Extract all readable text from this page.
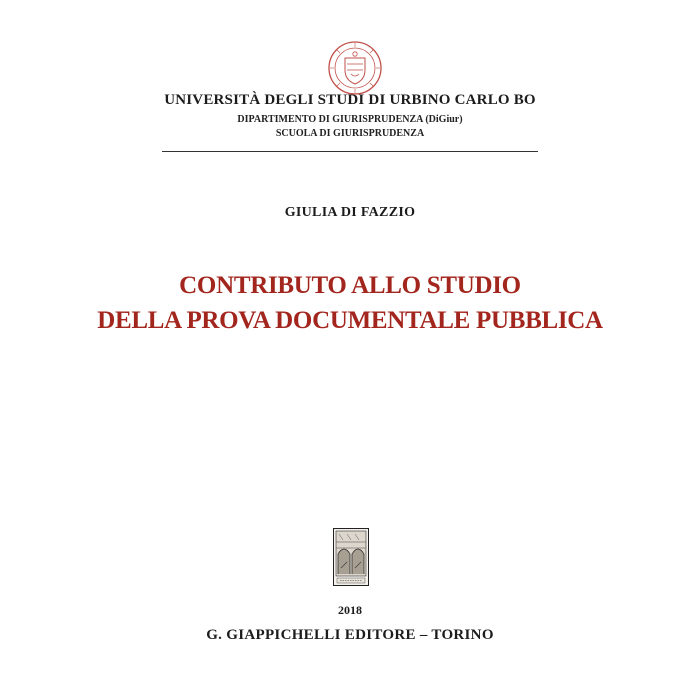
UNIVERSITÀ DEGLI STUDI DI URBINO CARLO BO
DIPARTIMENTO DI GIURISPRUDENZA (DiGiur)
SCUOLA DI GIURISPRUDENZA
GIULIA DI FAZZIO
CONTRIBUTO ALLO STUDIO
DELLA PROVA DOCUMENTALE PUBBLICA
2018
G. GIAPPICHELLI EDITORE – TORINO
